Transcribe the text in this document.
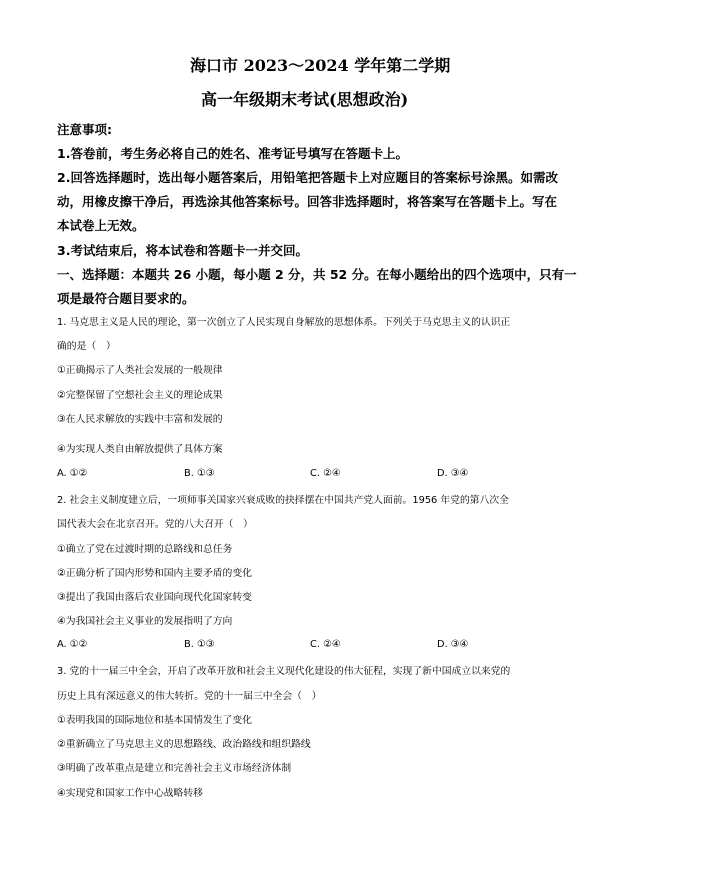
海口市 2023～2024 学年第二学期
高一年级期末考试(思想政治)
注意事项:
1.答卷前，考生务必将自己的姓名、准考证号填写在答题卡上。
2.回答选择题时，选出每小题答案后，用铅笔把答题卡上对应题目的答案标号涂黑。如需改
动，用橡皮擦干净后，再选涂其他答案标号。回答非选择题时，将答案写在答题卡上。写在
本试卷上无效。
3.考试结束后，将本试卷和答题卡一并交回。
一、选择题：本题共 26 小题，每小题 2 分，共 52 分。在每小题给出的四个选项中，只有一
项是最符合题目要求的。
1. 马克思主义是人民的理论，第一次创立了人民实现自身解放的思想体系。下列关于马克思主义的认识正
确的是（　）
①正确揭示了人类社会发展的一般规律
②完整保留了空想社会主义的理论成果
③在人民求解放的实践中丰富和发展的
④为实现人类自由解放提供了具体方案
A. ①②	B. ①③	C. ②④	D. ③④
2. 社会主义制度建立后，一项师事关国家兴衰成败的抉择摆在中国共产党人面前。1956 年党的第八次全
国代表大会在北京召开。党的八大召开（　）
①确立了党在过渡时期的总路线和总任务
②正确分析了国内形势和国内主要矛盾的变化
③提出了我国由落后农业国向现代化国家转变
④为我国社会主义事业的发展指明了方向
A. ①②	B. ①③	C. ②④	D. ③④
3. 党的十一届三中全会，开启了改革开放和社会主义现代化建设的伟大征程，实现了新中国成立以来党的
历史上具有深远意义的伟大转折。党的十一届三中全会（　）
①表明我国的国际地位和基本国情发生了变化
②重新确立了马克思主义的思想路线、政治路线和组织路线
③明确了改革重点是建立和完善社会主义市场经济体制
④实现党和国家工作中心战略转移
